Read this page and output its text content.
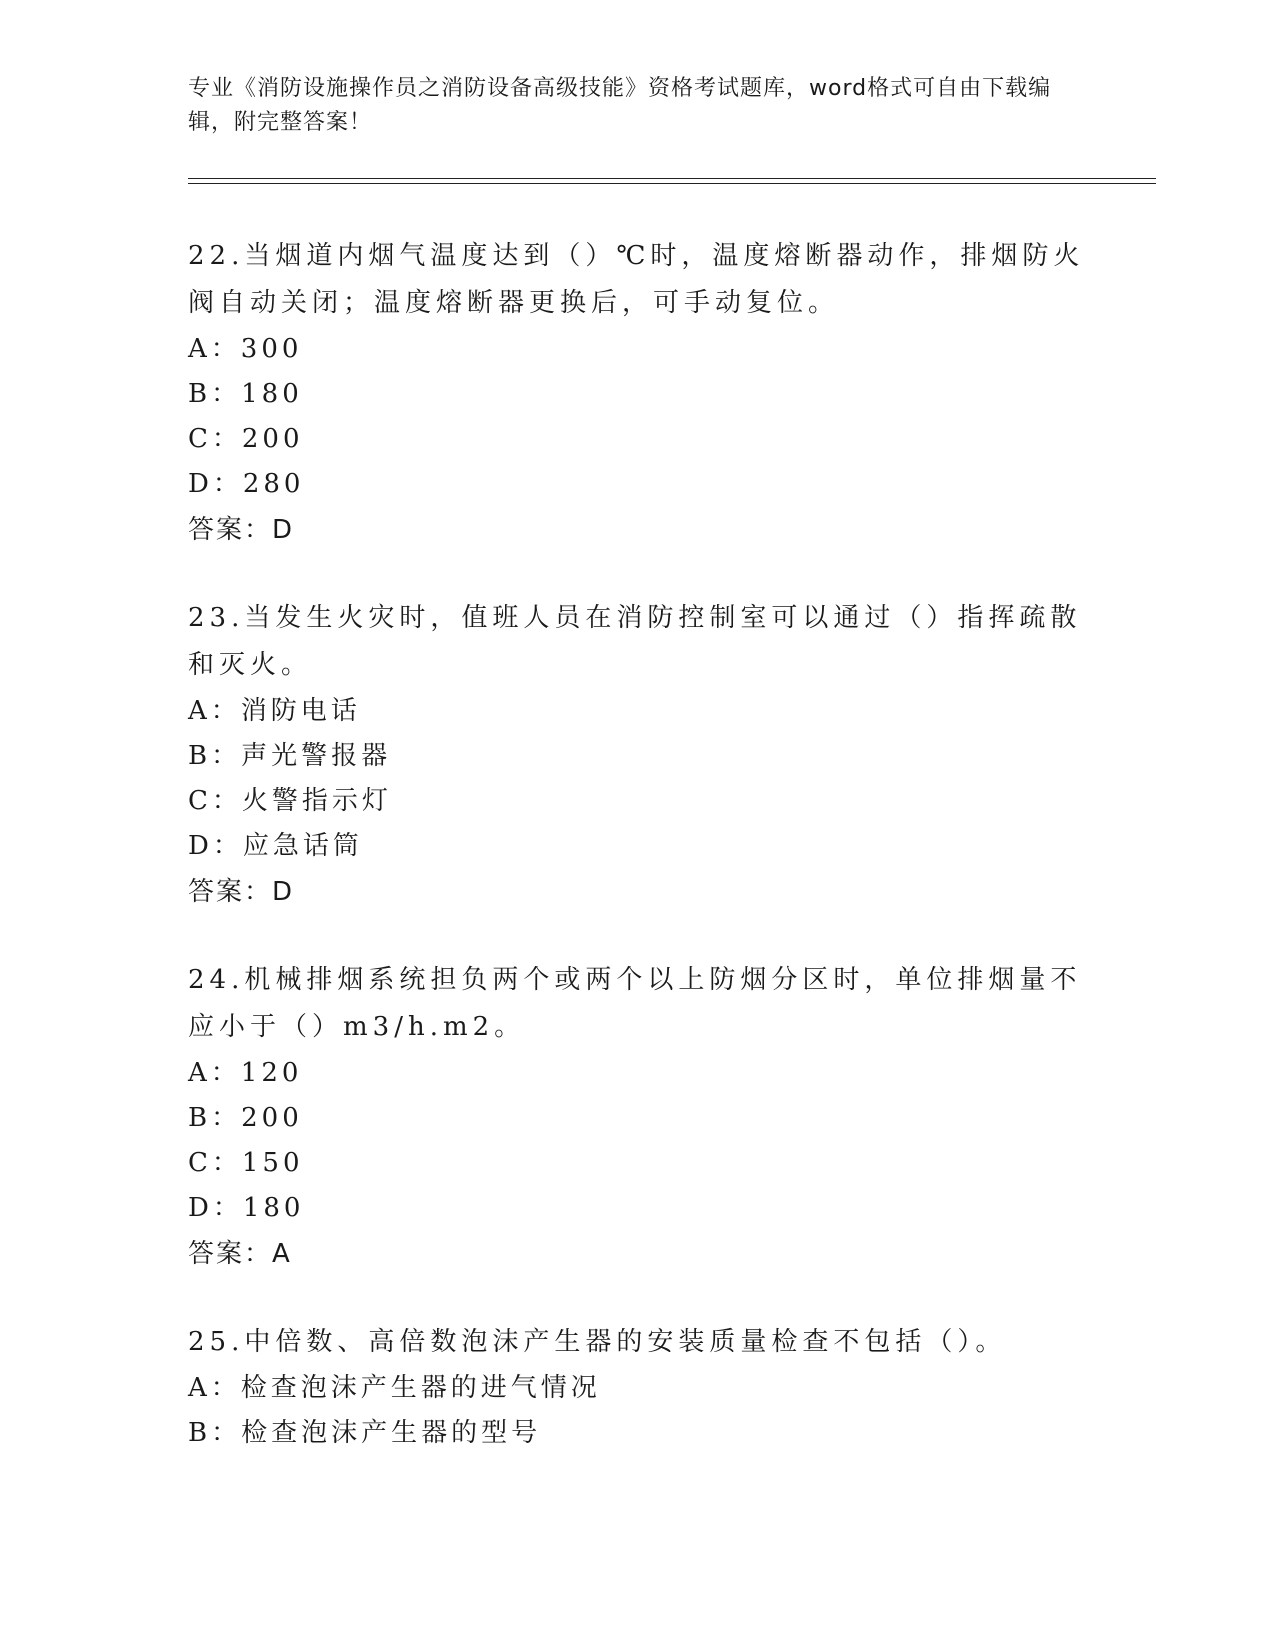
专业《消防设施操作员之消防设备高级技能》资格考试题库，word格式可自由下载编辑，附完整答案！

22.当烟道内烟气温度达到（）℃时，温度熔断器动作，排烟防火阀自动关闭；温度熔断器更换后，可手动复位。

A：300

B：180

C：200

D：280

答案：D

23.当发生火灾时，值班人员在消防控制室可以通过（）指挥疏散和灭火。

A：消防电话

B：声光警报器

C：火警指示灯

D：应急话筒

答案：D

24.机械排烟系统担负两个或两个以上防烟分区时，单位排烟量不应小于（）m3/h.m2。

A：120

B：200

C：150

D：180

答案：A

25.中倍数、高倍数泡沫产生器的安装质量检查不包括（）。

A：检查泡沫产生器的进气情况

B：检查泡沫产生器的型号
